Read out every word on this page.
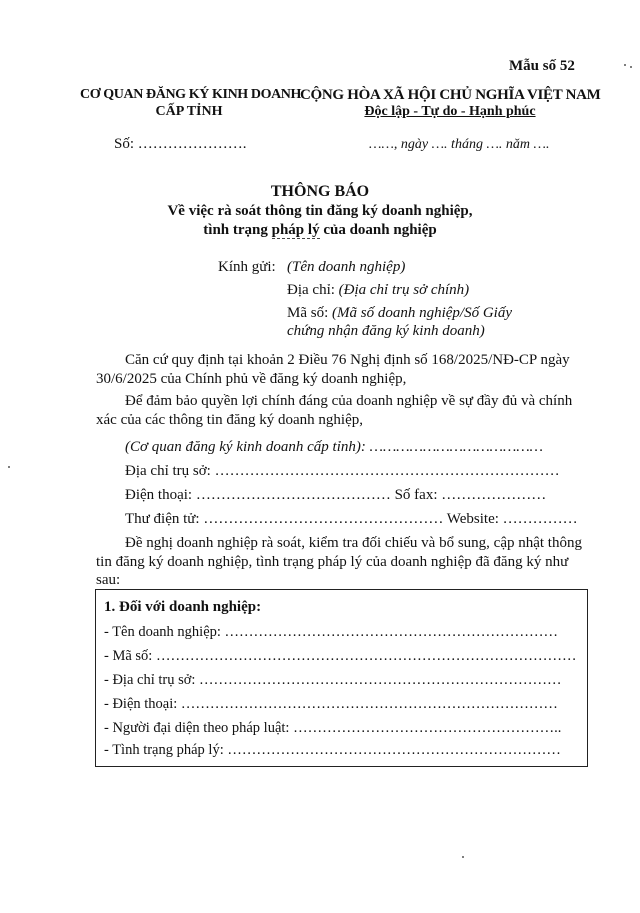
Mẫu số 52
CƠ QUAN ĐĂNG KÝ KINH DOANH
CẤP TỈNH
CỘNG HÒA XÃ HỘI CHỦ NGHĨA VIỆT NAM
Độc lập - Tự do - Hạnh phúc
Số: ………………….	……, ngày …. tháng …. năm ….
THÔNG BÁO
Về việc rà soát thông tin đăng ký doanh nghiệp,
tình trạng pháp lý của doanh nghiệp
Kính gửi: (Tên doanh nghiệp)
Địa chỉ: (Địa chỉ trụ sở chính)
Mã số: (Mã số doanh nghiệp/Số Giấy
chứng nhận đăng ký kinh doanh)
Căn cứ quy định tại khoản 2 Điều 76 Nghị định số 168/2025/NĐ-CP ngày
30/6/2025 của Chính phủ về đăng ký doanh nghiệp,
Để đảm bảo quyền lợi chính đáng của doanh nghiệp về sự đầy đủ và chính
xác của các thông tin đăng ký doanh nghiệp,
(Cơ quan đăng ký kinh doanh cấp tỉnh): …………………………………
Địa chỉ trụ sở: ……………………………………………………………
Điện thoại: ………………………………… Số fax: …………………
Thư điện tử: ………………………………………… Website: ……………
Đề nghị doanh nghiệp rà soát, kiểm tra đối chiếu và bổ sung, cập nhật thông
tin đăng ký doanh nghiệp, tình trạng pháp lý của doanh nghiệp đã đăng ký như
sau:
1. Đối với doanh nghiệp:
- Tên doanh nghiệp: ……………………………………………………………
- Mã số: ……………………………………………………………………………
- Địa chỉ trụ sở: …………………………………………………………………
- Điện thoại: ……………………………………………………………………
- Người đại diện theo pháp luật: ………………………………………………..
- Tình trạng pháp lý: ……………………………………………………………
